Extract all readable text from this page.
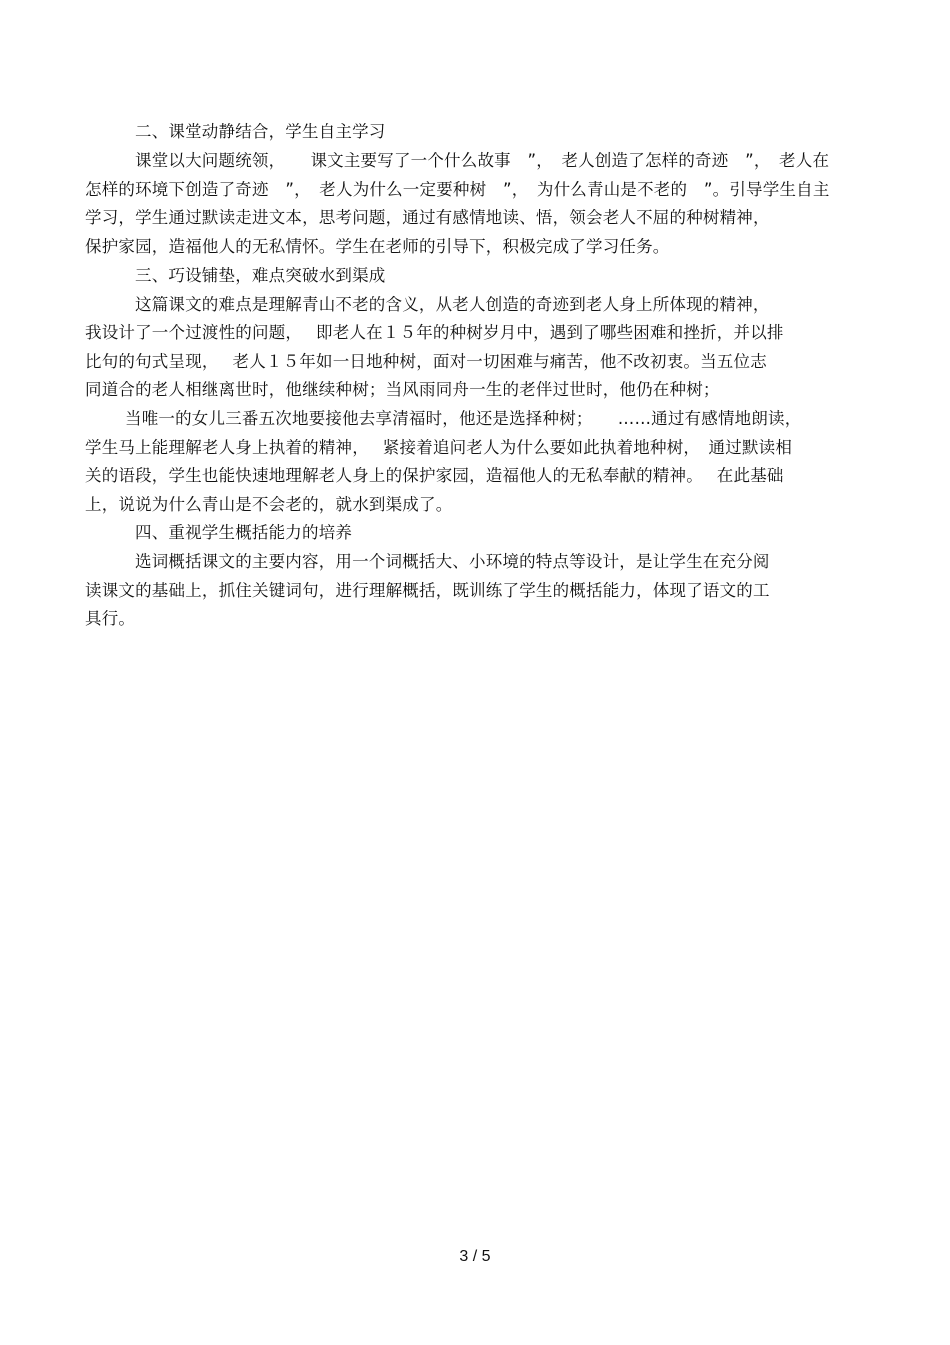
二、课堂动静结合，学生自主学习
课堂以大问题统领，　　课文主要写了一个什么故事　”，　老人创造了怎样的奇迹　”，　老人在
怎样的环境下创造了奇迹　”，　老人为什么一定要种树　”，　为什么青山是不老的　”。引导学生自主
学习，学生通过默读走进文本，思考问题，通过有感情地读、悟，领会老人不屈的种树精神，
保护家园，造福他人的无私情怀。学生在老师的引导下，积极完成了学习任务。
三、巧设铺垫，难点突破水到渠成
这篇课文的难点是理解青山不老的含义，从老人创造的奇迹到老人身上所体现的精神，
我设计了一个过渡性的问题，　 即老人在１５年的种树岁月中，遇到了哪些困难和挫折，并以排
比句的句式呈现，　 老人１５年如一日地种树，面对一切困难与痛苦，他不改初衷。当五位志
同道合的老人相继离世时，他继续种树；当风雨同舟一生的老伴过世时，他仍在种树；
当唯一的女儿三番五次地要接他去享清福时，他还是选择种树；　　……通过有感情地朗读，
学生马上能理解老人身上执着的精神，　 紧接着追问老人为什么要如此执着地种树，　通过默读相
关的语段，学生也能快速地理解老人身上的保护家园，造福他人的无私奉献的精神。　 在此基础
上，说说为什么青山是不会老的，就水到渠成了。
四、重视学生概括能力的培养
选词概括课文的主要内容，用一个词概括大、小环境的特点等设计，是让学生在充分阅
读课文的基础上，抓住关键词句，进行理解概括，既训练了学生的概括能力，体现了语文的工
具行。
3 / 5
